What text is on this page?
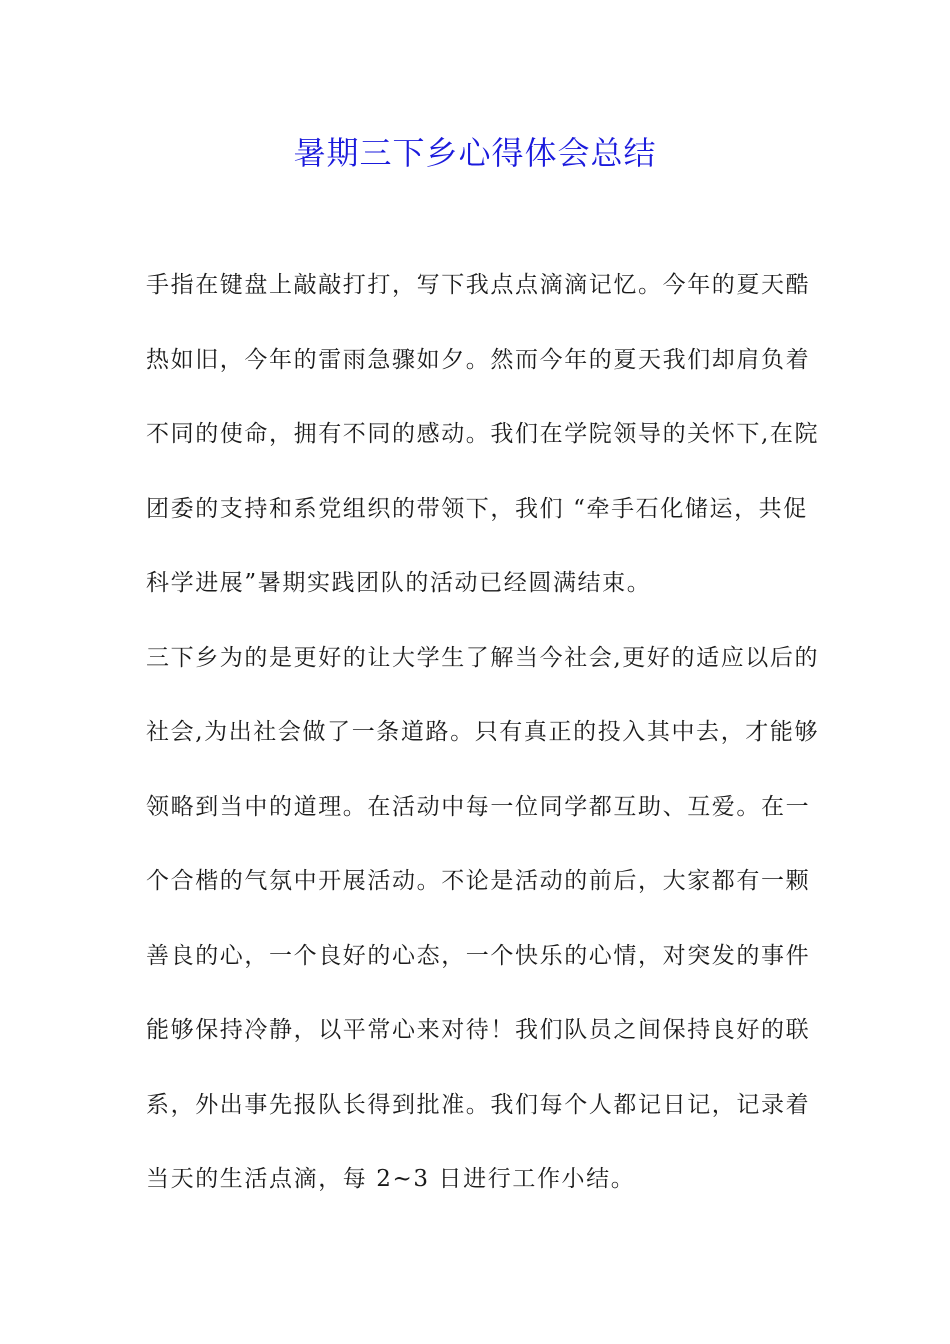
暑期三下乡心得体会总结
手指在键盘上敲敲打打，写下我点点滴滴记忆。今年的夏天酷
热如旧，今年的雷雨急骤如夕。然而今年的夏天我们却肩负着
不同的使命，拥有不同的感动。我们在学院领导的关怀下,在院
团委的支持和系党组织的带领下，我们 “牵手石化储运，共促
科学进展”暑期实践团队的活动已经圆满结束。
三下乡为的是更好的让大学生了解当今社会,更好的适应以后的
社会,为出社会做了一条道路。只有真正的投入其中去，才能够
领略到当中的道理。在活动中每一位同学都互助、互爱。在一
个合楷的气氛中开展活动。不论是活动的前后，大家都有一颗
善良的心，一个良好的心态，一个快乐的心情，对突发的事件
能够保持冷静，以平常心来对待！我们队员之间保持良好的联
系，外出事先报队长得到批准。我们每个人都记日记，记录着
当天的生活点滴，每 2~3 日进行工作小结。
